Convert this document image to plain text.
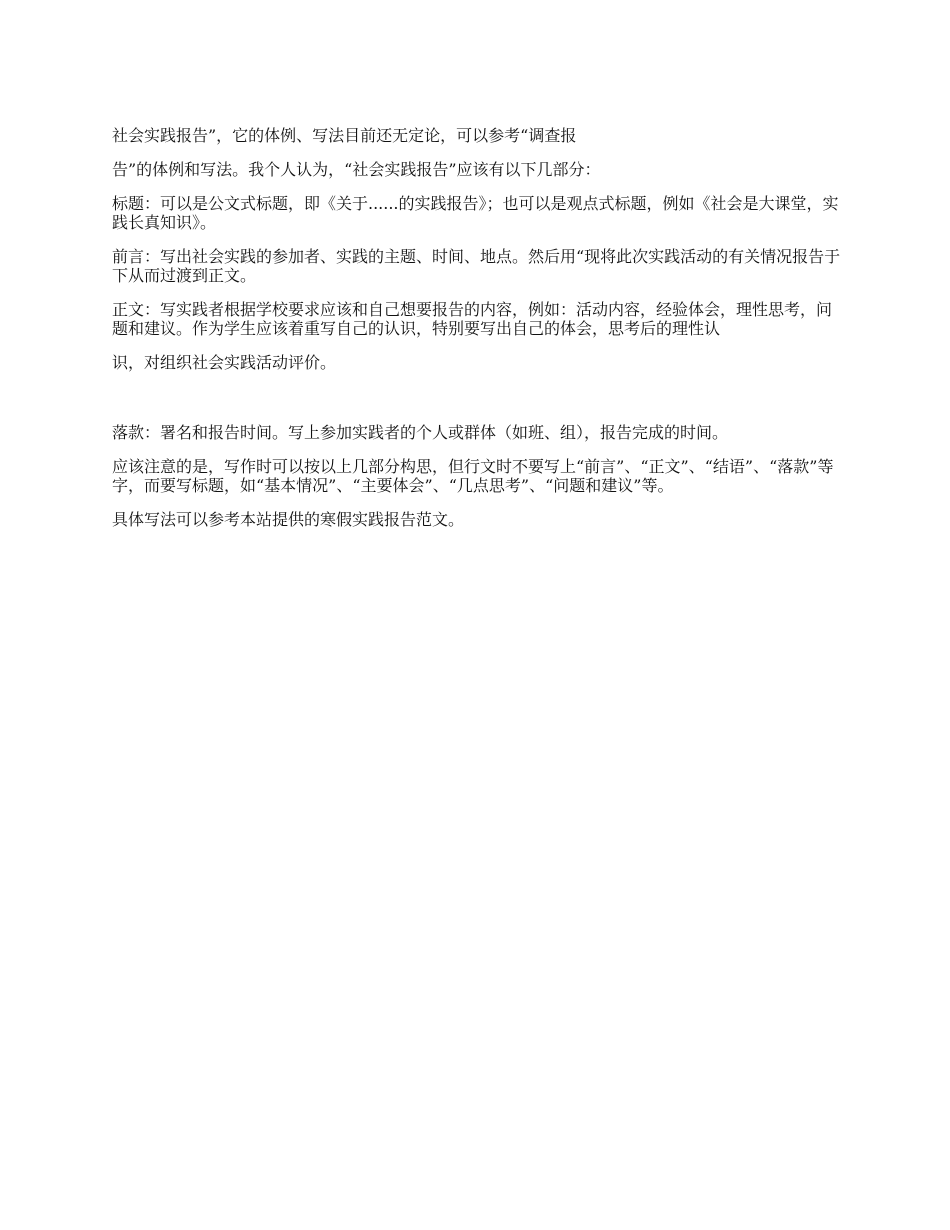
社会实践报告”，它的体例、写法目前还无定论，可以参考“调查报

告”的体例和写法。我个人认为，“社会实践报告”应该有以下几部分：

标题：可以是公文式标题，即《关于......的实践报告》；也可以是观点式标题，例如《社会是大课堂，实践长真知识》。

前言：写出社会实践的参加者、实践的主题、时间、地点。然后用“现将此次实践活动的有关情况报告于下从而过渡到正文。

正文：写实践者根据学校要求应该和自己想要报告的内容，例如：活动内容，经验体会，理性思考，问题和建议。作为学生应该着重写自己的认识，特别要写出自己的体会，思考后的理性认

识，对组织社会实践活动评价。

落款：署名和报告时间。写上参加实践者的个人或群体（如班、组），报告完成的时间。

应该注意的是，写作时可以按以上几部分构思，但行文时不要写上“前言”、“正文”、“结语”、“落款”等字，而要写标题，如“基本情况”、“主要体会”、“几点思考”、“问题和建议”等。

具体写法可以参考本站提供的寒假实践报告范文。
